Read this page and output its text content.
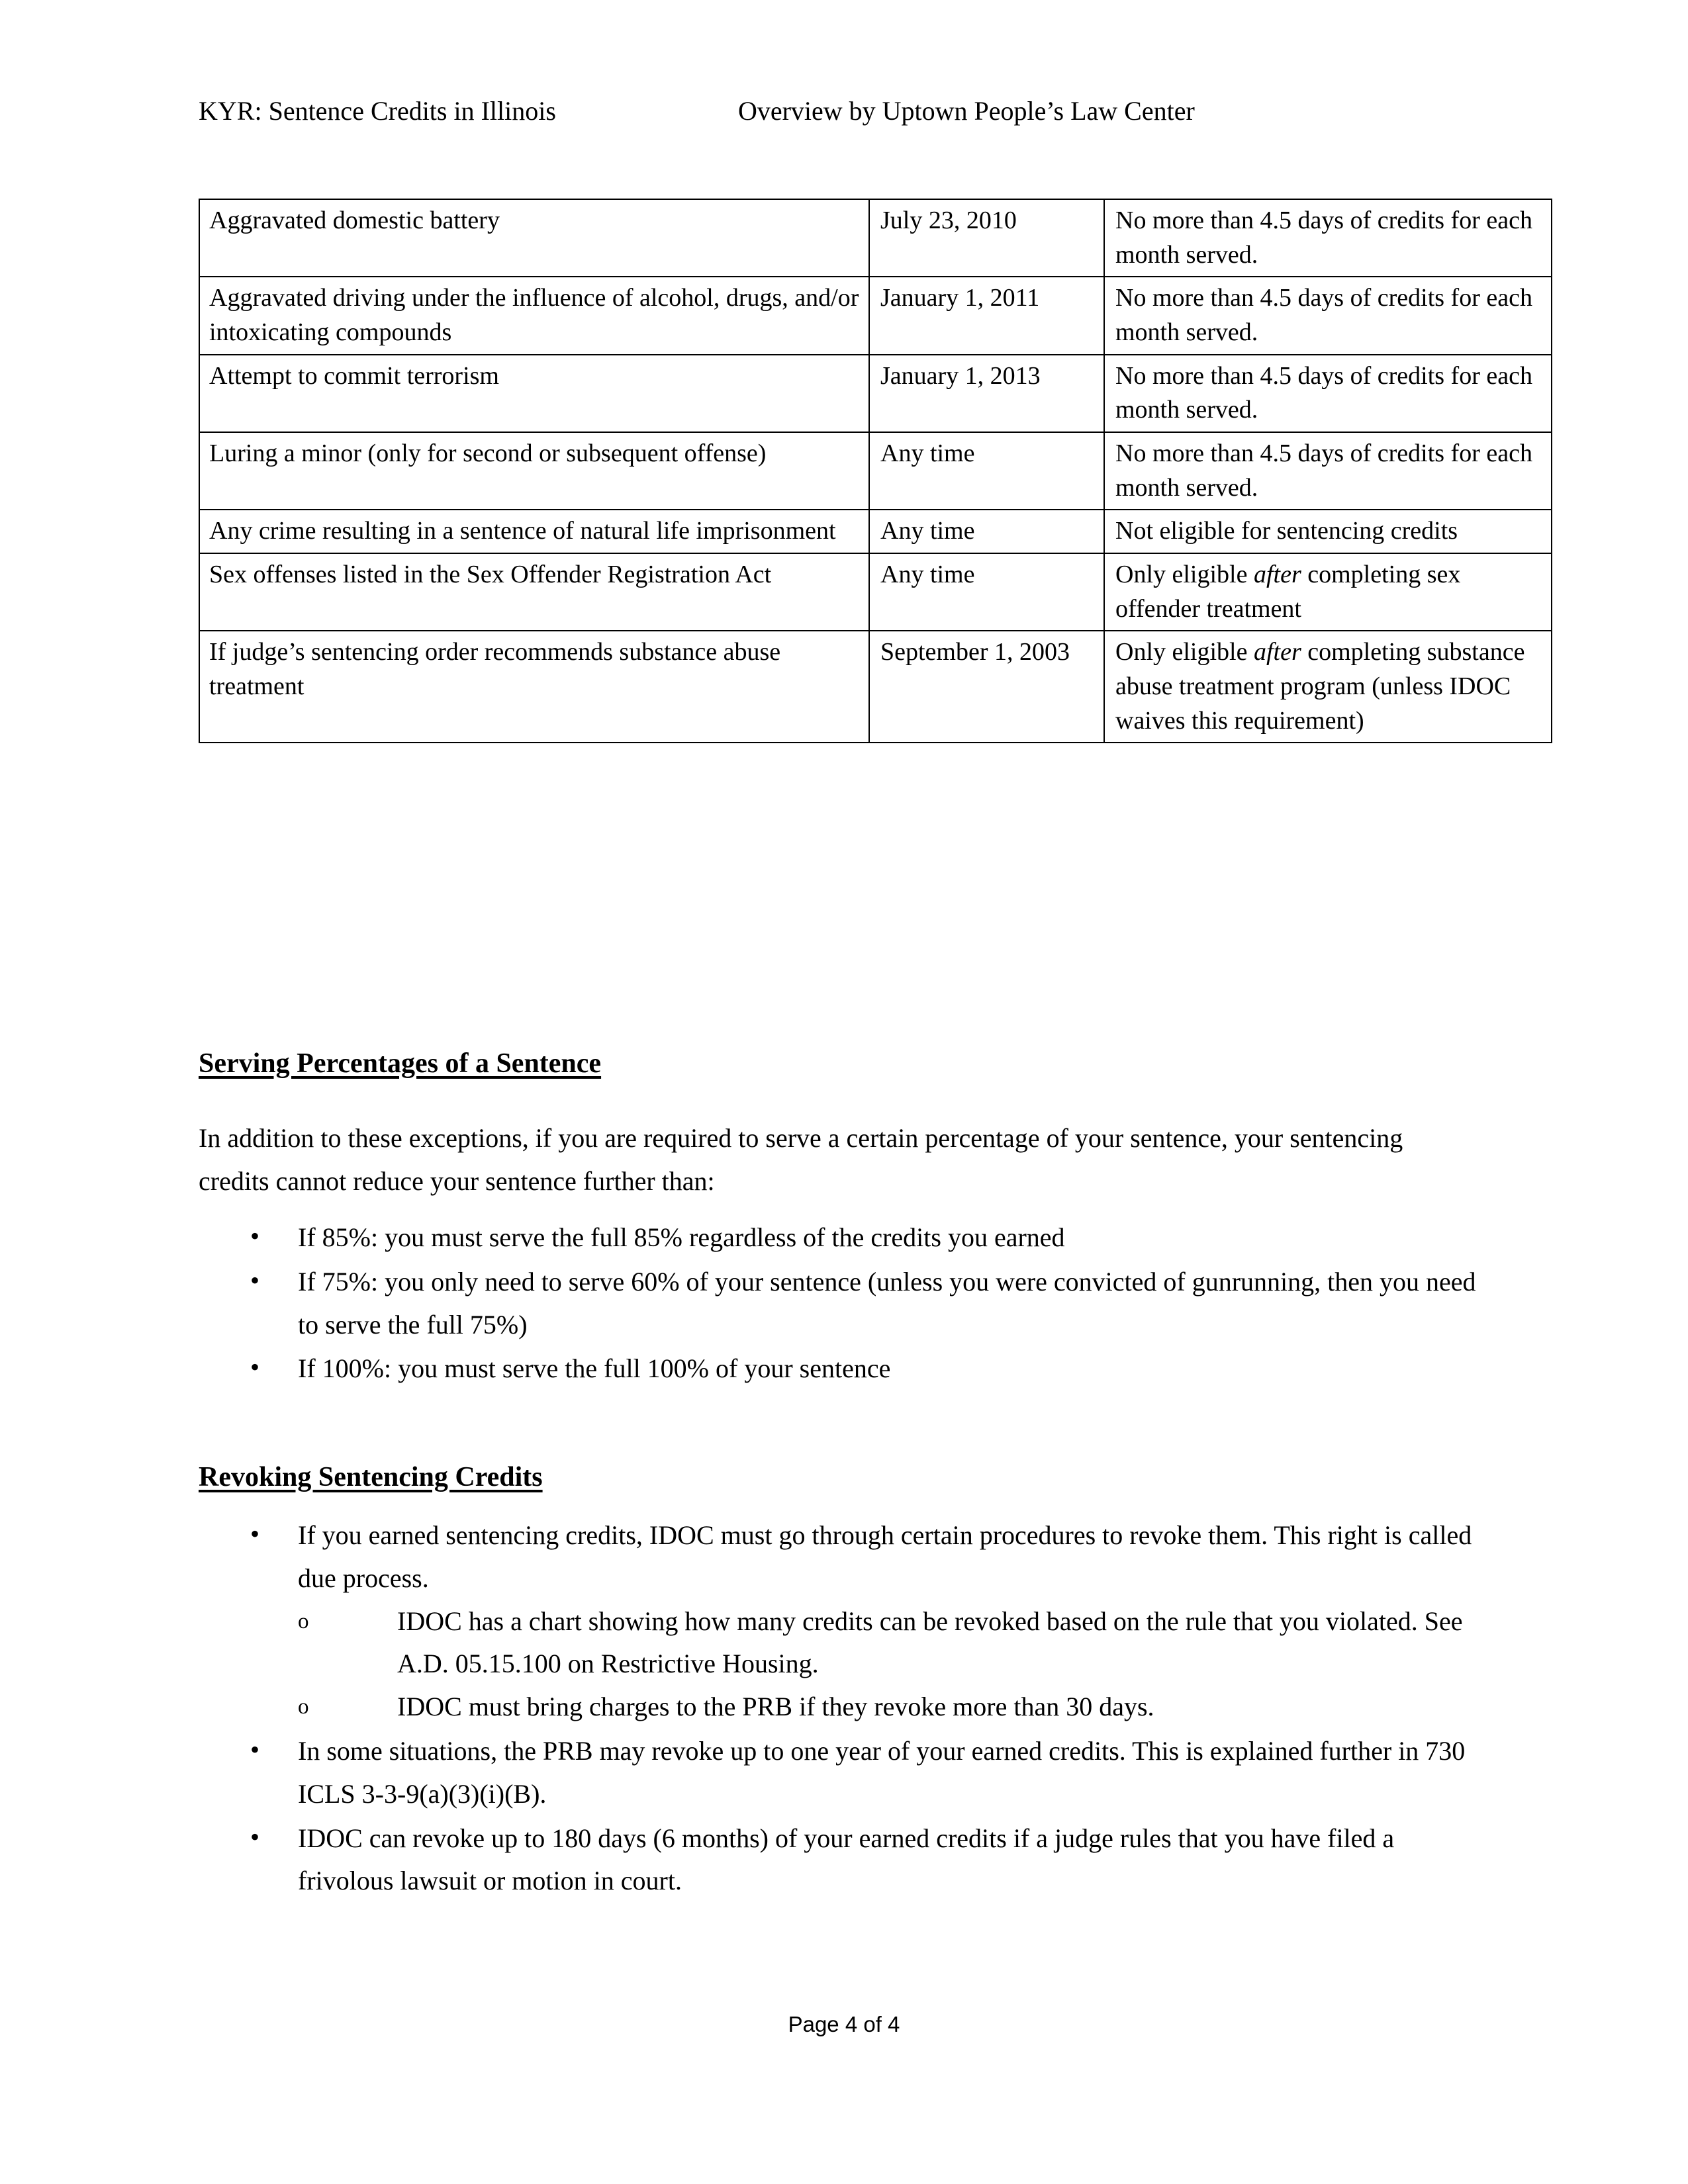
KYR: Sentence Credits in Illinois	Overview by Uptown People’s Law Center
Aggravated domestic battery	July 23, 2010	No more than 4.5 days of credits for each month served.

Aggravated driving under the influence of alcohol, drugs, and/or intoxicating compounds	January 1, 2011	No more than 4.5 days of credits for each month served.

Attempt to commit terrorism	January 1, 2013	No more than 4.5 days of credits for each month served.

Luring a minor (only for second or subsequent offense)	Any time	No more than 4.5 days of credits for each month served.

Any crime resulting in a sentence of natural life imprisonment	Any time	Not eligible for sentencing credits

Sex offenses listed in the Sex Offender Registration Act	Any time	Only eligible after completing sex offender treatment

If judge’s sentencing order recommends substance abuse treatment	September 1, 2003	Only eligible after completing substance abuse treatment program (unless IDOC waives this requirement)
Serving Percentages of a Sentence

In addition to these exceptions, if you are required to serve a certain percentage of your sentence, your sentencing credits cannot reduce your sentence further than:

• If 85%: you must serve the full 85% regardless of the credits you earned
• If 75%: you only need to serve 60% of your sentence (unless you were convicted of gunrunning, then you need to serve the full 75%)
• If 100%: you must serve the full 100% of your sentence
Revoking Sentencing Credits
• If you earned sentencing credits, IDOC must go through certain procedures to revoke them. This right is called due process.
o IDOC has a chart showing how many credits can be revoked based on the rule that you violated. See A.D. 05.15.100 on Restrictive Housing.
o IDOC must bring charges to the PRB if they revoke more than 30 days.
• In some situations, the PRB may revoke up to one year of your earned credits. This is explained further in 730 ICLS 3-3-9(a)(3)(i)(B).
• IDOC can revoke up to 180 days (6 months) of your earned credits if a judge rules that you have filed a frivolous lawsuit or motion in court.
Page 4 of 4
